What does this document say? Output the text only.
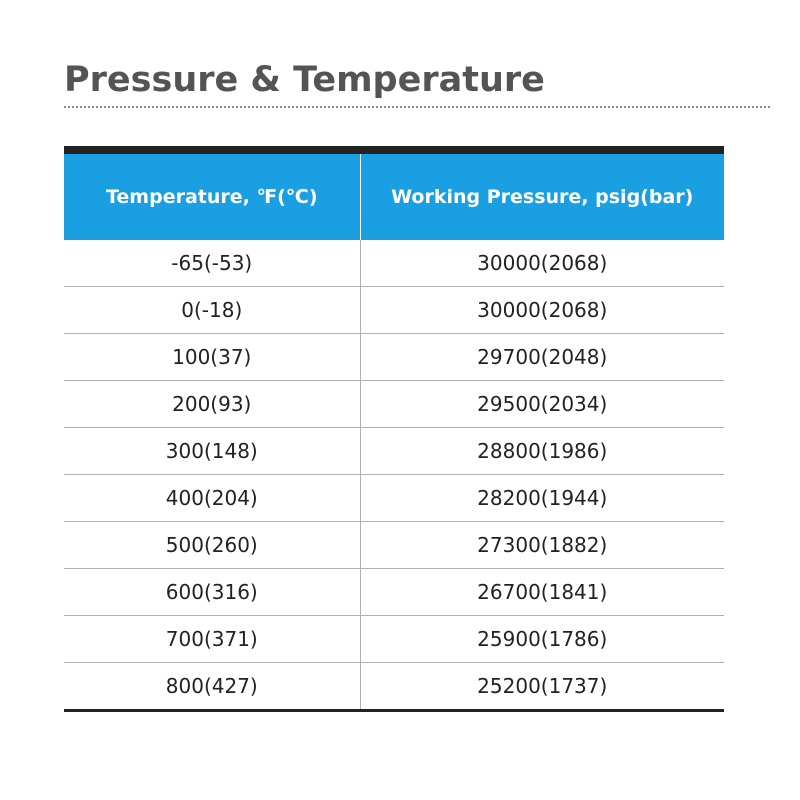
Pressure & Temperature
Temperature, ℉(℃)	Working Pressure, psig(bar)
-65(-53)	30000(2068)
0(-18)	30000(2068)
100(37)	29700(2048)
200(93)	29500(2034)
300(148)	28800(1986)
400(204)	28200(1944)
500(260)	27300(1882)
600(316)	26700(1841)
700(371)	25900(1786)
800(427)	25200(1737)
